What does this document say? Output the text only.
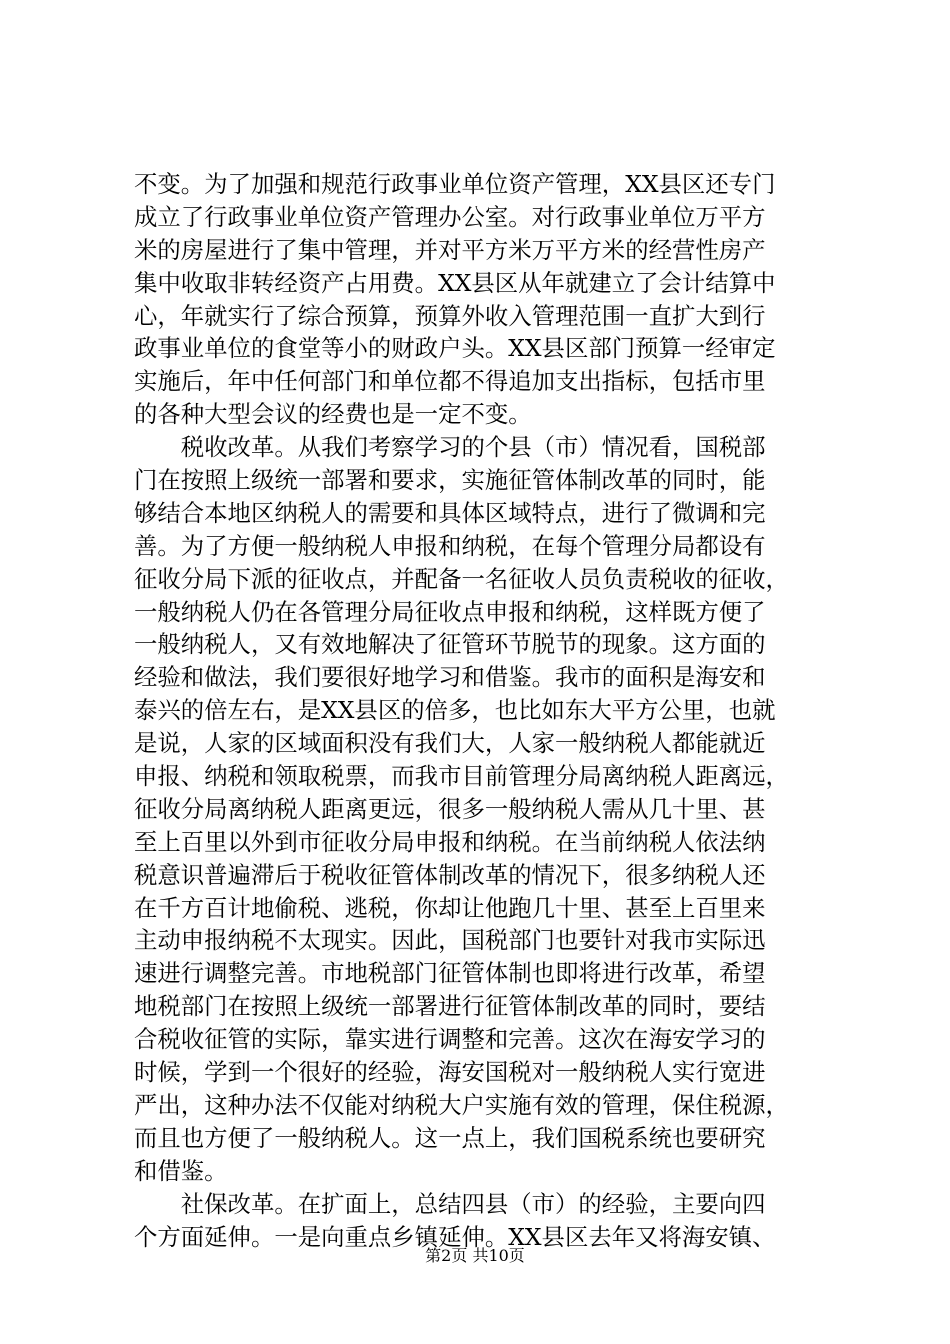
不变。为了加强和规范行政事业单位资产管理，XX县区还专门
成立了行政事业单位资产管理办公室。对行政事业单位万平方
米的房屋进行了集中管理，并对平方米万平方米的经营性房产
集中收取非转经资产占用费。XX县区从年就建立了会计结算中
心，年就实行了综合预算，预算外收入管理范围一直扩大到行
政事业单位的食堂等小的财政户头。XX县区部门预算一经审定
实施后，年中任何部门和单位都不得追加支出指标，包括市里
的各种大型会议的经费也是一定不变。
　　税收改革。从我们考察学习的个县（市）情况看，国税部
门在按照上级统一部署和要求，实施征管体制改革的同时，能
够结合本地区纳税人的需要和具体区域特点，进行了微调和完
善。为了方便一般纳税人申报和纳税，在每个管理分局都设有
征收分局下派的征收点，并配备一名征收人员负责税收的征收，
一般纳税人仍在各管理分局征收点申报和纳税，这样既方便了
一般纳税人，又有效地解决了征管环节脱节的现象。这方面的
经验和做法，我们要很好地学习和借鉴。我市的面积是海安和
泰兴的倍左右，是XX县区的倍多，也比如东大平方公里，也就
是说，人家的区域面积没有我们大，人家一般纳税人都能就近
申报、纳税和领取税票，而我市目前管理分局离纳税人距离远，
征收分局离纳税人距离更远，很多一般纳税人需从几十里、甚
至上百里以外到市征收分局申报和纳税。在当前纳税人依法纳
税意识普遍滞后于税收征管体制改革的情况下，很多纳税人还
在千方百计地偷税、逃税，你却让他跑几十里、甚至上百里来
主动申报纳税不太现实。因此，国税部门也要针对我市实际迅
速进行调整完善。市地税部门征管体制也即将进行改革，希望
地税部门在按照上级统一部署进行征管体制改革的同时，要结
合税收征管的实际，靠实进行调整和完善。这次在海安学习的
时候，学到一个很好的经验，海安国税对一般纳税人实行宽进
严出，这种办法不仅能对纳税大户实施有效的管理，保住税源，
而且也方便了一般纳税人。这一点上，我们国税系统也要研究
和借鉴。
　　社保改革。在扩面上，总结四县（市）的经验，主要向四
个方面延伸。一是向重点乡镇延伸。XX县区去年又将海安镇、
第2页 共10页
